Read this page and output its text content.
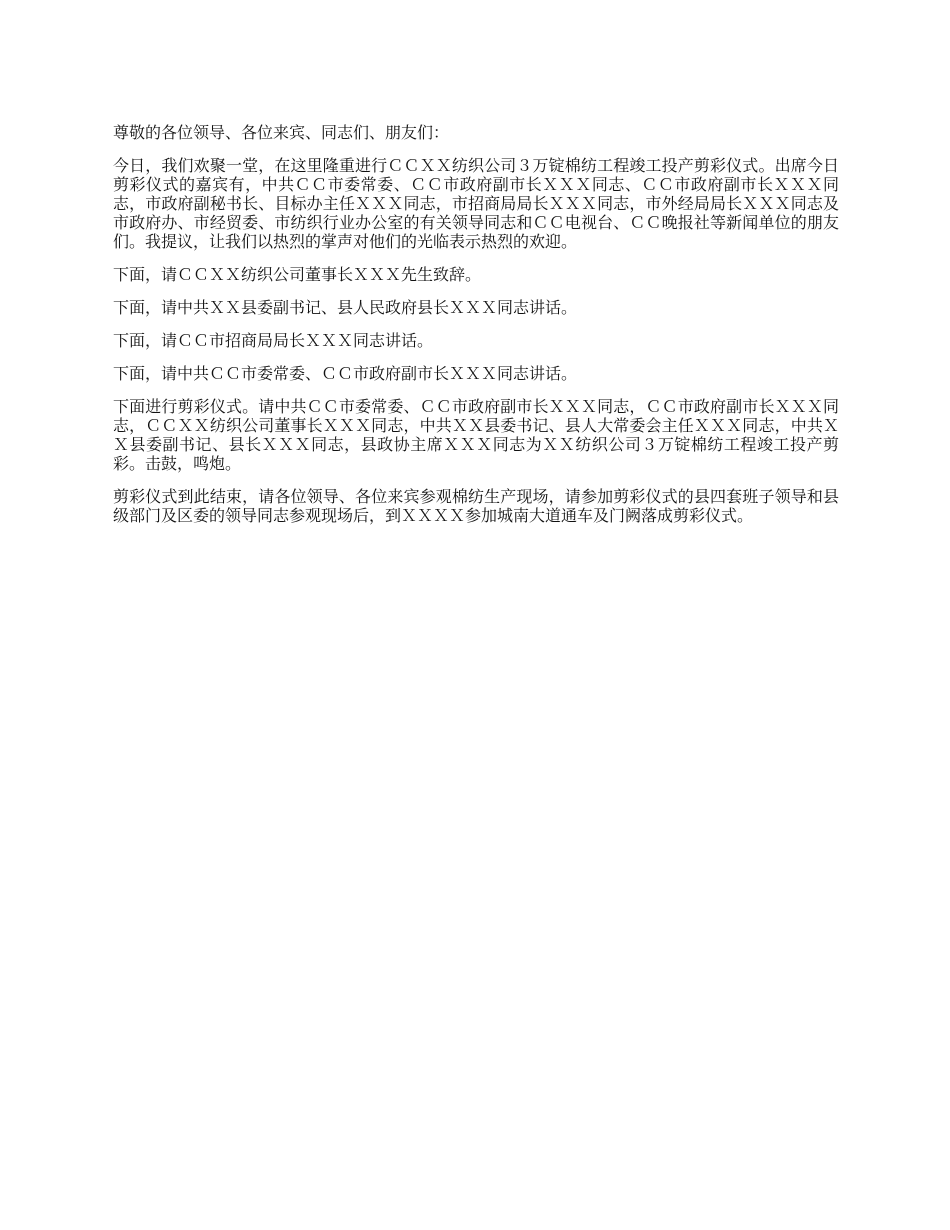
尊敬的各位领导、各位来宾、同志们、朋友们：

今日，我们欢聚一堂，在这里隆重进行ＣＣＸＸ纺织公司３万锭棉纺工程竣工投产剪彩仪式。出席今日剪彩仪式的嘉宾有，中共ＣＣ市委常委、ＣＣ市政府副市长ＸＸＸ同志、ＣＣ市政府副市长ＸＸＸ同志，市政府副秘书长、目标办主任ＸＸＸ同志，市招商局局长ＸＸＸ同志，市外经局局长ＸＸＸ同志及市政府办、市经贸委、市纺织行业办公室的有关领导同志和ＣＣ电视台、ＣＣ晚报社等新闻单位的朋友们。我提议，让我们以热烈的掌声对他们的光临表示热烈的欢迎。

下面，请ＣＣＸＸ纺织公司董事长ＸＸＸ先生致辞。

下面，请中共ＸＸ县委副书记、县人民政府县长ＸＸＸ同志讲话。

下面，请ＣＣ市招商局局长ＸＸＸ同志讲话。

下面，请中共ＣＣ市委常委、ＣＣ市政府副市长ＸＸＸ同志讲话。

下面进行剪彩仪式。请中共ＣＣ市委常委、ＣＣ市政府副市长ＸＸＸ同志，ＣＣ市政府副市长ＸＸＸ同志，ＣＣＸＸ纺织公司董事长ＸＸＸ同志，中共ＸＸ县委书记、县人大常委会主任ＸＸＸ同志，中共ＸＸ县委副书记、县长ＸＸＸ同志，县政协主席ＸＸＸ同志为ＸＸ纺织公司３万锭棉纺工程竣工投产剪彩。击鼓，鸣炮。

剪彩仪式到此结束，请各位领导、各位来宾参观棉纺生产现场，请参加剪彩仪式的县四套班子领导和县级部门及区委的领导同志参观现场后，到ＸＸＸＸ参加城南大道通车及门阙落成剪彩仪式。
